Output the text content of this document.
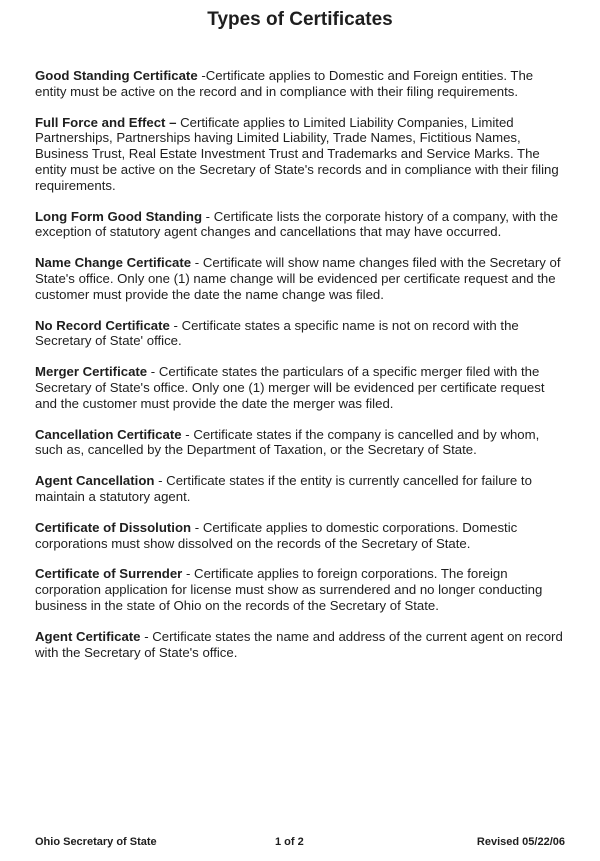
Types of Certificates

Good Standing Certificate -Certificate applies to Domestic and Foreign entities. The entity must be active on the record and in compliance with their filing requirements.

Full Force and Effect – Certificate applies to Limited Liability Companies, Limited Partnerships, Partnerships having Limited Liability, Trade Names, Fictitious Names, Business Trust, Real Estate Investment Trust and Trademarks and Service Marks. The entity must be active on the Secretary of State's records and in compliance with their filing requirements.

Long Form Good Standing - Certificate lists the corporate history of a company, with the exception of statutory agent changes and cancellations that may have occurred.

Name Change Certificate - Certificate will show name changes filed with the Secretary of State's office. Only one (1) name change will be evidenced per certificate request and the customer must provide the date the name change was filed.

No Record Certificate - Certificate states a specific name is not on record with the Secretary of State' office.

Merger Certificate - Certificate states the particulars of a specific merger filed with the Secretary of State's office. Only one (1) merger will be evidenced per certificate request and the customer must provide the date the merger was filed.

Cancellation Certificate - Certificate states if the company is cancelled and by whom, such as, cancelled by the Department of Taxation, or the Secretary of State.

Agent Cancellation - Certificate states if the entity is currently cancelled for failure to maintain a statutory agent.

Certificate of Dissolution - Certificate applies to domestic corporations. Domestic corporations must show dissolved on the records of the Secretary of State.

Certificate of Surrender - Certificate applies to foreign corporations. The foreign corporation application for license must show as surrendered and no longer conducting business in the state of Ohio on the records of the Secretary of State.

Agent Certificate - Certificate states the name and address of the current agent on record with the Secretary of State's office.

Ohio Secretary of State	1 of 2	Revised 05/22/06
